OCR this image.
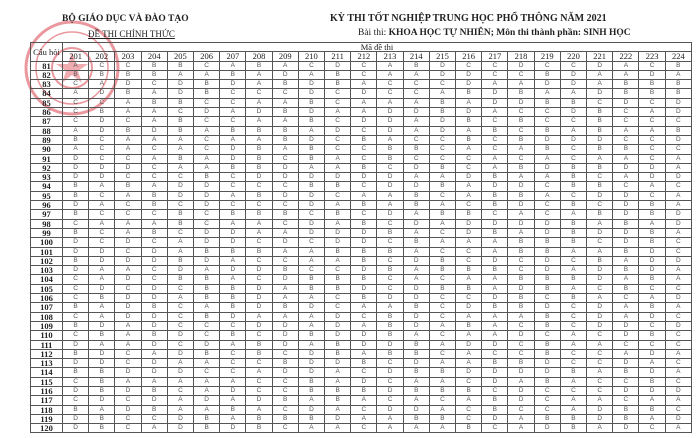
BỘ GIÁO DỤC VÀ ĐÀO TẠO
ĐỀ THI CHÍNH THỨC
KỲ THI TỐT NGHIỆP TRUNG HỌC PHỔ THÔNG NĂM 2021
Bài thi: KHOA HỌC TỰ NHIÊN; Môn thi thành phần: SINH HỌC
Câu hỏi	Mã đề thi																							
	201	202	203	204	205	206	207	208	209	210	211	212	213	214	215	216	217	218	219	220	221	222	223	224
81	A	C	C	B	B	C	A	B	A	C	D	C	A	B	D	C	C	D	C	C	D	A	C	B
82	B	B	B	B	A	A	B	A	D	A	B	C	A	A	D	D	C	C	B	D	A	A	D	A
83	C	A	D	C	D	B	D	A	B	D	B	A	C	C	C	D	A	A	D	D	A	B	B	B
84	A	D	B	A	D	B	C	C	C	D	C	D	C	C	A	B	D	B	A	A	D	B	B	B
85	C	C	A	B	B	C	C	A	A	B	C	A	A	A	B	A	D	D	B	B	C	D	C	D
86	C	B	A	A	C	D	A	D	B	D	A	A	D	D	B	D	A	C	C	D	B	C	A	D
87	C	D	C	A	B	C	C	A	A	B	C	D	D	A	D	B	C	B	C	C	B	C	C	C
88	A	D	B	D	B	A	B	B	B	A	D	C	D	A	D	A	B	C	B	A	B	A	A	B
89	B	C	A	A	A	C	A	A	B	D	C	B	A	C	C	B	C	B	D	D	D	C	C	D
90	A	C	A	C	A	C	D	B	A	B	C	C	B	B	C	A	C	A	B	C	B	B	C	C
91	D	C	C	A	B	A	D	B	C	B	A	C	B	C	C	C	A	C	A	C	A	A	C	A
92	D	D	D	C	A	A	B	B	D	A	A	B	C	D	B	C	A	B	D	B	B	D	D	A
93	D	D	C	C	C	B	C	D	D	D	D	D	D	A	A	D	B	A	A	B	C	A	D	D
94	B	A	B	A	D	D	C	C	C	B	B	C	D	D	B	A	D	D	C	B	B	C	A	C
95	B	C	A	B	D	D	A	B	D	D	C	A	A	B	C	A	B	B	A	C	D	D	C	A
96	D	A	C	B	C	D	C	C	C	D	A	B	A	B	A	C	B	D	C	B	C	D	B	A
97	B	C	C	C	B	C	B	B	B	C	B	C	D	A	B	B	C	A	C	A	B	D	B	D
98	C	A	A	A	B	C	A	A	C	D	A	B	C	D	A	D	D	D	D	B	A	B	A	D
99	B	C	A	B	C	D	D	A	A	D	D	D	B	A	C	D	B	A	D	B	D	D	B	A
100	D	C	D	C	A	D	D	C	D	C	D	D	C	B	A	A	A	B	B	B	C	D	B	C
101	D	D	C	D	A	B	B	B	A	A	B	B	B	A	C	C	A	B	B	A	A	B	D	C
102	B	D	D	D	B	D	A	C	C	A	A	B	C	D	B	C	D	C	D	C	B	A	D	D
103	D	A	A	C	D	A	D	D	B	C	C	D	B	A	B	B	B	C	D	A	D	B	D	A
104	C	A	D	C	B	B	A	C	D	B	B	B	C	A	C	A	A	B	B	B	D	A	B	A
105	C	D	C	D	C	B	B	D	A	B	B	D	C	D	B	B	A	D	B	A	C	B	C	C
106	C	B	D	D	A	B	B	D	A	A	C	B	D	D	C	C	D	B	C	B	A	C	A	D
107	B	A	D	B	C	A	B	D	B	D	C	A	A	B	C	D	B	B	D	C	D	A	B	A
108	C	A	D	D	C	B	D	A	A	A	D	C	B	D	C	A	A	A	B	C	D	A	D	C
109	B	D	A	D	C	C	C	D	D	A	D	A	B	D	A	B	A	C	B	C	D	D	C	D
110	C	B	A	B	D	C	B	C	D	B	D	D	B	A	C	A	A	D	C	A	C	D	B	C
111	D	A	A	D	C	D	A	B	D	A	B	D	D	B	A	D	D	C	B	A	A	C	C	C
112	B	D	C	A	D	B	C	B	C	D	B	A	B	B	C	A	C	C	B	C	C	A	D	A
113	D	D	C	D	A	A	C	C	B	D	D	B	C	D	A	A	B	B	D	C	C	D	A	C
114	B	B	D	D	D	C	C	A	D	D	A	C	D	B	B	D	D	D	D	B	A	B	D	A
115	C	B	A	A	A	A	A	C	C	B	A	D	C	A	A	C	D	A	B	A	C	C	B	C
116	D	B	D	B	C	A	D	C	C	B	B	B	D	B	B	B	C	D	C	C	C	D	D	D
117	C	D	C	D	A	D	A	D	B	A	B	A	C	A	C	A	B	D	C	A	A	C	A	A
118	B	A	D	B	A	A	B	A	C	D	A	C	D	D	A	C	B	C	C	A	D	B	B	C
119	D	B	C	C	D	B	A	B	B	B	D	A	A	B	B	C	D	A	B	B	D	B	A	D
120	D	B	C	A	D	B	D	B	C	A	A	C	A	A	A	B	C	A	D	B	A	D	C	A
